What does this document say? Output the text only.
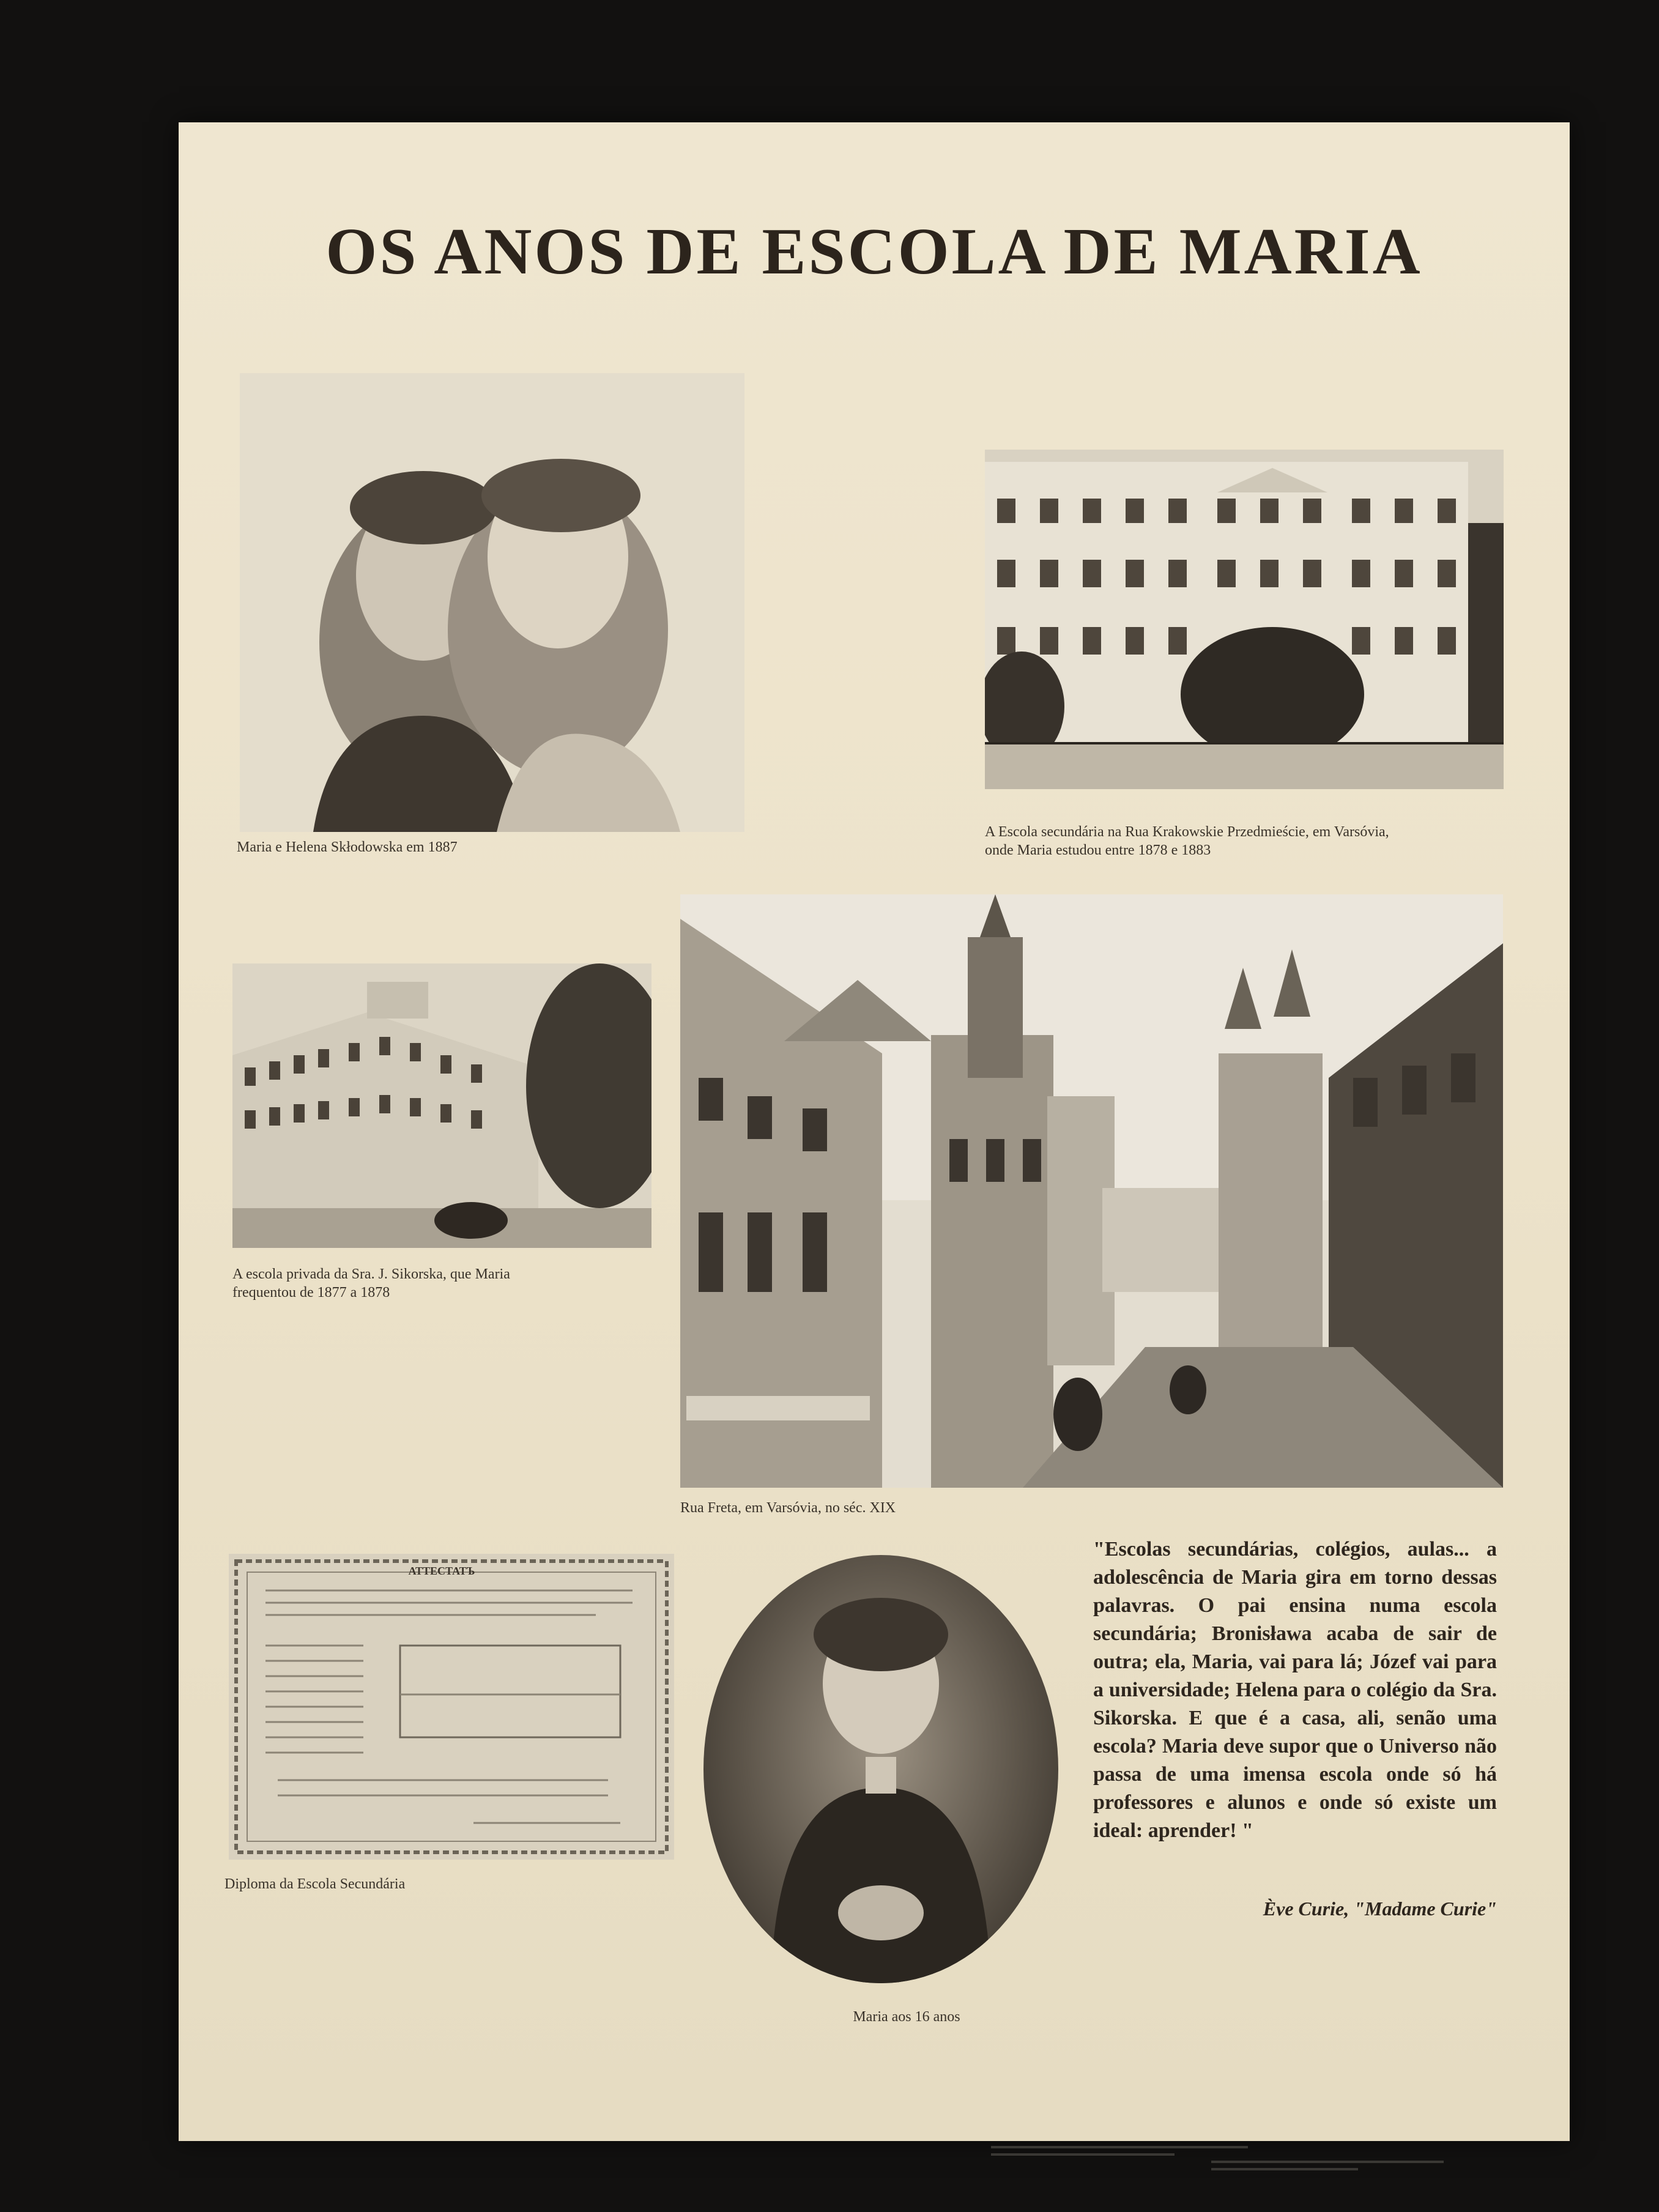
OS ANOS DE ESCOLA DE MARIA
Maria e Helena Skłodowska em 1887
A Escola secundária na Rua Krakowskie Przedmieście, em Varsóvia, onde Maria estudou entre 1878 e 1883
A escola privada da Sra. J. Sikorska, que Maria frequentou de 1877 a 1878
Rua Freta, em Varsóvia, no séc. XIX
АТТЕСТАТЪ
Diploma da Escola Secundária
Maria aos 16 anos
"Escolas secundárias, colégios, aulas... a adolescência de Maria gira em torno dessas palavras. O pai ensina numa escola secundária; Bronisława acaba de sair de outra; ela, Maria, vai para lá; Józef vai para a universidade; Helena para o colégio da Sra. Sikorska. E que é a casa, ali, senão uma escola? Maria deve supor que o Universo não passa de uma imensa escola onde só há professores e alunos e onde só existe um ideal: aprender! "
Ève Curie, "Madame Curie"
